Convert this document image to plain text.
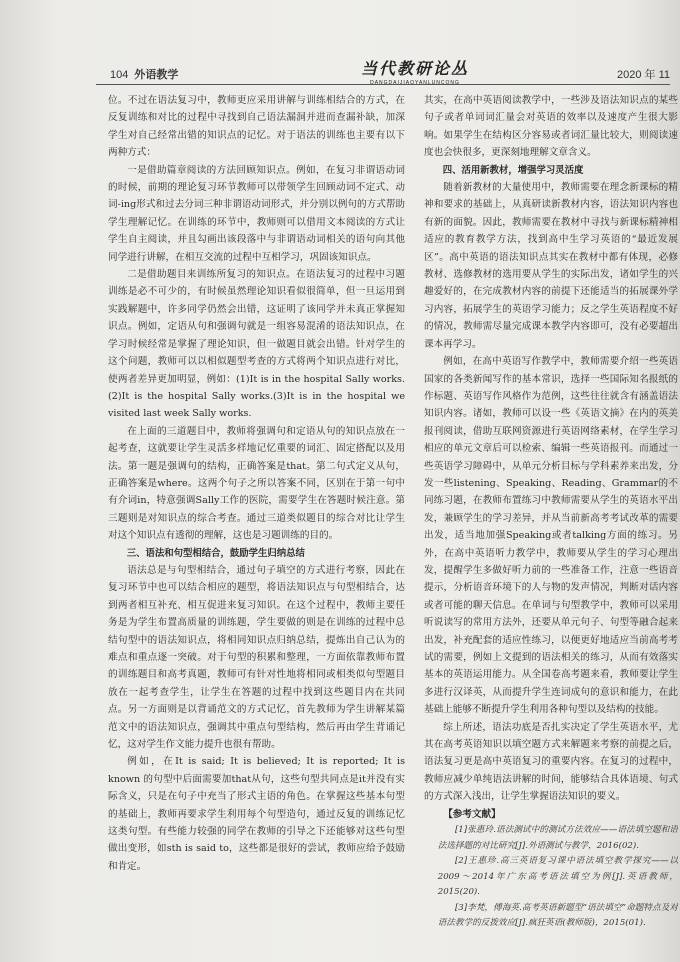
104 外语教学	当代教研论丛
DANGDAIJIAOYANLUNCONG
2020 年 11

位。不过在语法复习中，教师更应采用讲解与训练相结合的方式，在反复训练和对比的过程中寻找到自己语法漏洞并进而查漏补缺，加深学生对自己经常出错的知识点的记忆。对于语法的训练也主要有以下两种方式：

一是借助篇章阅读的方法回顾知识点。例如，在复习非谓语动词的时候，前期的理论复习环节教师可以带领学生回顾动词不定式、动词-ing形式和过去分词三种非谓语动词形式，并分别以例句的方式帮助学生理解记忆。在训练的环节中，教师则可以借用文本阅读的方式让学生自主阅读，并且勾画出该段落中与非谓语动词相关的语句向其他同学进行讲解，在相互交流的过程中互相学习，巩固该知识点。

二是借助题目来训练所复习的知识点。在语法复习的过程中习题训练是必不可少的，有时候虽然理论知识看似很简单，但一旦运用到实践解题中，许多同学仍然会出错，这证明了该同学并未真正掌握知识点。例如，定语从句和强调句就是一组容易混淆的语法知识点，在学习时候经常是掌握了理论知识，但一做题目就会出错。针对学生的这个问题，教师可以以相似题型考查的方式将两个知识点进行对比，使两者差异更加明显，例如：(1)It is in the hospital Sally works.(2)It is the hospital Sally works.(3)It is in the hospital we visited last week Sally works.

在上面的三道题目中，教师将强调句和定语从句的知识点放在一起考查，这就要让学生灵活多样地记忆重要的词汇、固定搭配以及用法。第一题是强调句的结构，正确答案是that。第二句式定义从句，正确答案是where。这两个句子之所以答案不同，区别在于第一句中有介词in，特意强调Sally工作的医院，需要学生在答题时候注意。第三题则是对知识点的综合考查。通过三道类似题目的综合对比让学生对这个知识点有透彻的理解，这也是习题训练的目的。

三、语法和句型相结合，鼓励学生归纳总结

语法总是与句型相结合，通过句子填空的方式进行考察，因此在复习环节中也可以结合相应的题型，将语法知识点与句型相结合，达到两者相互补充、相互促进来复习知识。在这个过程中，教师主要任务是为学生布置高质量的训练题，学生要做的则是在训练的过程中总结句型中的语法知识点，将相同知识点归纳总结，提炼出自己认为的难点和重点逐一突破。对于句型的积累和整理，一方面依靠教师布置的训练题目和高考真题，教师可有针对性地将相同或相类似句型题目放在一起考查学生，让学生在答题的过程中找到这些题目内在共同点。另一方面则是以背诵范文的方式记忆，首先教师为学生讲解某篇范文中的语法知识点，强调其中重点句型结构，然后再由学生背诵记忆，这对学生作文能力提升也很有帮助。

例如，在It is said; It is believed; It is reported; It is known 的句型中后面需要加that从句，这些句型共同点是it并没有实际含义，只是在句子中充当了形式主语的角色。在掌握这些基本句型的基础上，教师再要求学生利用每个句型造句，通过反复的训练记忆这类句型。有些能力较强的同学在教师的引导之下还能够对这些句型做出变形，如sth is said to，这些都是很好的尝试，教师应给予鼓励和肯定。

其实，在高中英语阅读教学中，一些涉及语法知识点的某些句子或者单词词汇量会对英语的效率以及速度产生很大影响。如果学生在结构区分容易或者词汇量比较大，则阅读速度也会快很多，更深刻地理解文章含义。

四、活用新教材，增强学习灵活度

随着新教材的大量使用中，教师需要在理念新课标的精神和要求的基础上，从真研读新教材内容，语法知识内容也有新的面貌。因此，教师需要在教材中寻找与新课标精神相适应的教育教学方法，找到高中生学习英语的“最近发展区”。高中英语的语法知识点其实在教材中都有体现，必修教材、选修教材的选用要从学生的实际出发，诸如学生的兴趣爱好的，在完成教材内容的前提下还能适当的拓展课外学习内容，拓展学生的英语学习能力；反之学生英语程度不好的情况，教师需尽量完成课本教学内容即可，没有必要超出课本再学习。

例如，在高中英语写作教学中，教师需要介绍一些英语国家的各类新闻写作的基本常识，选择一些国际知名报纸的作标题、英语写作风格作为范例，这些往往就含有涵盖语法知识内容。诸如，教师可以设一些《英语文摘》在内的英美报刊阅读，借助互联网资源进行英语网络素材，在学生学习相应的单元文章后可以检索、编辑一些英语报刊。而通过一些英语学习障碍中，从单元分析目标与学科素养来出发，分发一些listening、Speaking、Reading、Grammar的不同练习题，在教师布置练习中教师需要从学生的英语水平出发，兼顾学生的学习差异，并从当前新高考考试改革的需要出发，适当地加强Speaking或者talking方面的练习。另外，在高中英语听力教学中，教师要从学生的学习心理出发，提醒学生多做好听力前的一些准备工作，注意一些语音提示，分析语音环境下的人与物的发声情况，判断对话内容或者可能的聊天信息。在单词与句型教学中，教师可以采用听说读写的常用方法外，还要从单元句子、句型等融合起来出发，补充配套的适应性练习，以便更好地适应当前高考考试的需要，例如上文提到的语法相关的练习，从而有效落实基本的英语运用能力。从全国卷高考题来看，教师要让学生多进行汉译英，从而提升学生连词成句的意识和能力，在此基础上能够不断提升学生利用各种句型以及结构的技能。

综上所述，语法功底是否扎实决定了学生英语水平，尤其在高考英语知识以填空题方式来解题来考察的前提之后，语法复习更是高中英语复习的重要内容。在复习的过程中，教师应减少单纯语法讲解的时间，能够结合具体语境、句式的方式深入浅出，让学生掌握语法知识的要义。

【参考文献】

[1]张惠玲.语法测试中的测试方法效应——语法填空题和语法选择题的对比研究[J].外语测试与教学，2016(02).

[2]王惠珍.高三英语复习课中语法填空教学探究——以2009～2014年广东高考语法填空为例[J].英语教师，2015(20).

[3]李梵，傅海英.高考英语新题型“语法填空”命题特点及对语法教学的反拨效应[J].疯狂英语(教师版)，2015(01).
